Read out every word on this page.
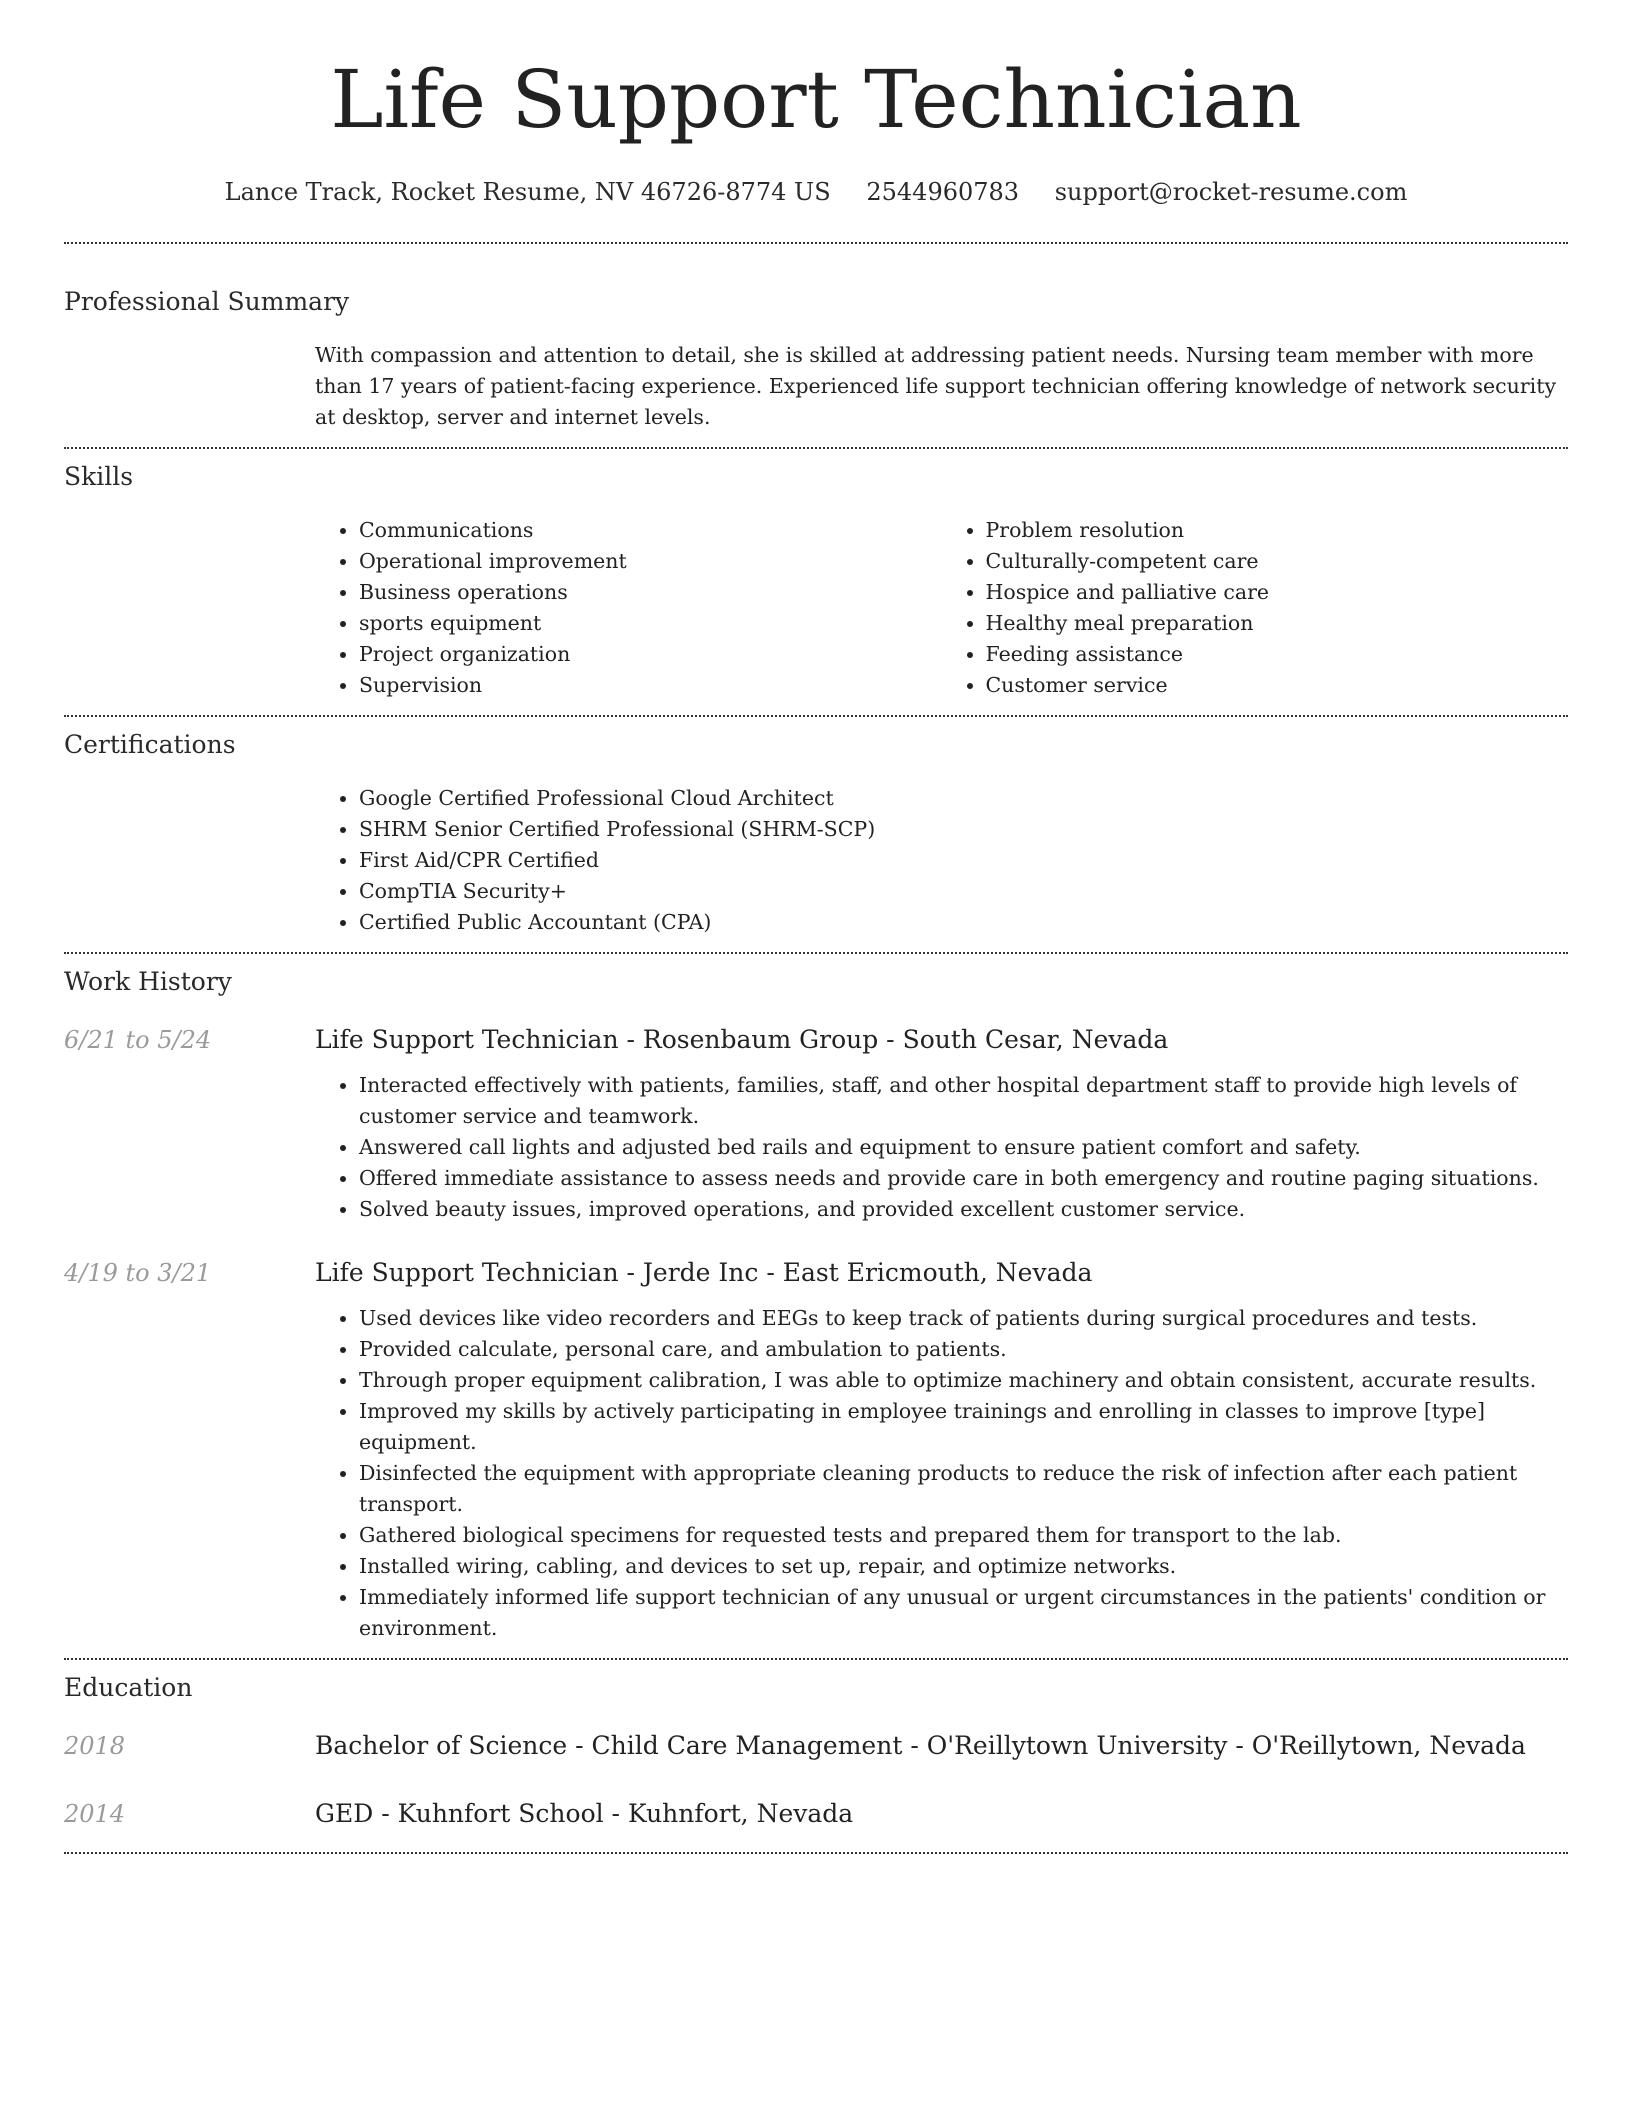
Life Support Technician
Lance Track, Rocket Resume, NV 46726-8774 US 2544960783 support@rocket-resume.com
Professional Summary

With compassion and attention to detail, she is skilled at addressing patient needs. Nursing team member with more than 17 years of patient-facing experience. Experienced life support technician offering knowledge of network security at desktop, server and internet levels.

Skills
• Communications
• Operational improvement
• Business operations
• sports equipment
• Project organization
• Supervision
• Problem resolution
• Culturally-competent care
• Hospice and palliative care
• Healthy meal preparation
• Feeding assistance
• Customer service
Certifications
• Google Certified Professional Cloud Architect
• SHRM Senior Certified Professional (SHRM-SCP)
• First Aid/CPR Certified
• CompTIA Security+
• Certified Public Accountant (CPA)
Work History
6/21 to 5/24	Life Support Technician - Rosenbaum Group - South Cesar, Nevada
• Interacted effectively with patients, families, staff, and other hospital department staff to provide high levels of customer service and teamwork.
• Answered call lights and adjusted bed rails and equipment to ensure patient comfort and safety.
• Offered immediate assistance to assess needs and provide care in both emergency and routine paging situations.
• Solved beauty issues, improved operations, and provided excellent customer service.
4/19 to 3/21	Life Support Technician - Jerde Inc - East Ericmouth, Nevada
• Used devices like video recorders and EEGs to keep track of patients during surgical procedures and tests.
• Provided calculate, personal care, and ambulation to patients.
• Through proper equipment calibration, I was able to optimize machinery and obtain consistent, accurate results.
• Improved my skills by actively participating in employee trainings and enrolling in classes to improve [type] equipment.
• Disinfected the equipment with appropriate cleaning products to reduce the risk of infection after each patient transport.
• Gathered biological specimens for requested tests and prepared them for transport to the lab.
• Installed wiring, cabling, and devices to set up, repair, and optimize networks.
• Immediately informed life support technician of any unusual or urgent circumstances in the patients' condition or environment.
Education
2018	Bachelor of Science - Child Care Management - O'Reillytown University - O'Reillytown, Nevada
2014	GED - Kuhnfort School - Kuhnfort, Nevada
